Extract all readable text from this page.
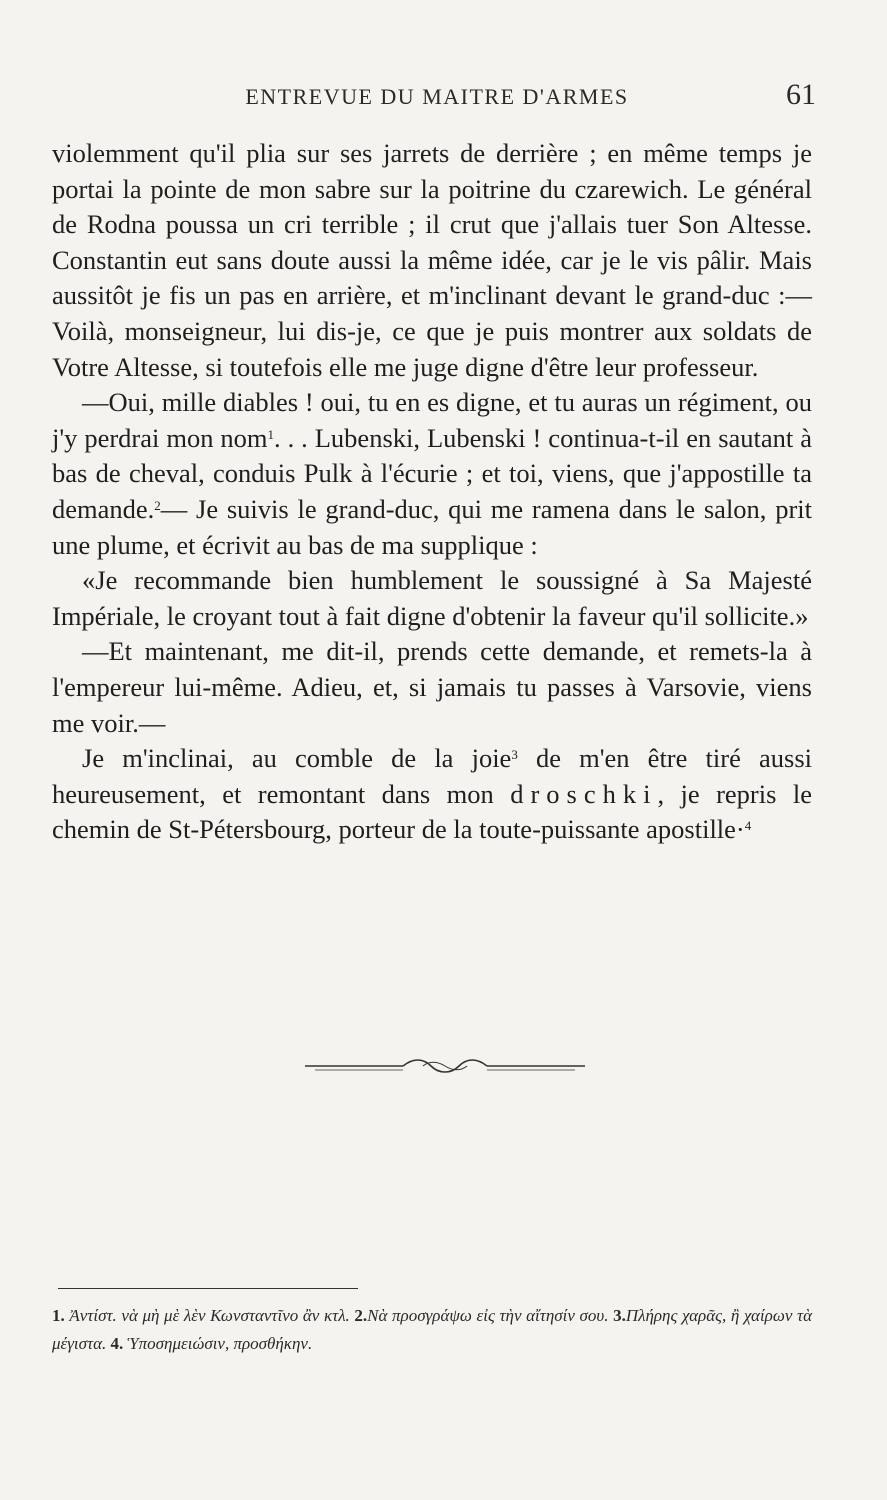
ENTREVUE DU MAITRE D'ARMES	61

violemment qu'il plia sur ses jarrets de derrière ; en même temps je portai la pointe de mon sabre sur la poitrine du czarewich. Le général de Rodna poussa un cri terrible ; il crut que j'allais tuer Son Altesse. Constantin eut sans doute aussi la même idée, car je le vis pâlir. Mais aussitôt je fis un pas en arrière, et m'inclinant devant le grand-duc :— Voilà, monseigneur, lui dis-je, ce que je puis montrer aux soldats de Votre Altesse, si toutefois elle me juge digne d'être leur professeur.

—Oui, mille diables ! oui, tu en es digne, et tu auras un régiment, ou j'y perdrai mon nom$^1$. . . Lubenski, Lubenski ! continua-t-il en sautant à bas de cheval, conduis Pulk à l'écurie ; et toi, viens, que j'appostille ta demande.$^2$— Je suivis le grand-duc, qui me ramena dans le salon, prit une plume, et écrivit au bas de ma supplique :

«Je recommande bien humblement le soussigné à Sa Majesté Impériale, le croyant tout à fait digne d'obtenir la faveur qu'il sollicite.»

—Et maintenant, me dit-il, prends cette demande, et remets-la à l'empereur lui-même. Adieu, et, si jamais tu passes à Varsovie, viens me voir.—

Je m'inclinai, au comble de la joie$^3$ de m'en être tiré aussi heureusement, et remontant dans mon droschki, je repris le chemin de St-Pétersbourg, porteur de la toute-puissante apostille·$^4$

1. Ἀντίστ. νὰ μὴ μὲ λὲν Κωνσταντῖνο ἂν κτλ. 2.Νὰ προσγράψω εἰς τὴν αἴτησίν σου. 3.Πλήρης χαρᾶς, ἢ χαίρων τὰ μέγιστα. 4. Ὑποσημειώσιν, προσθήκην.
